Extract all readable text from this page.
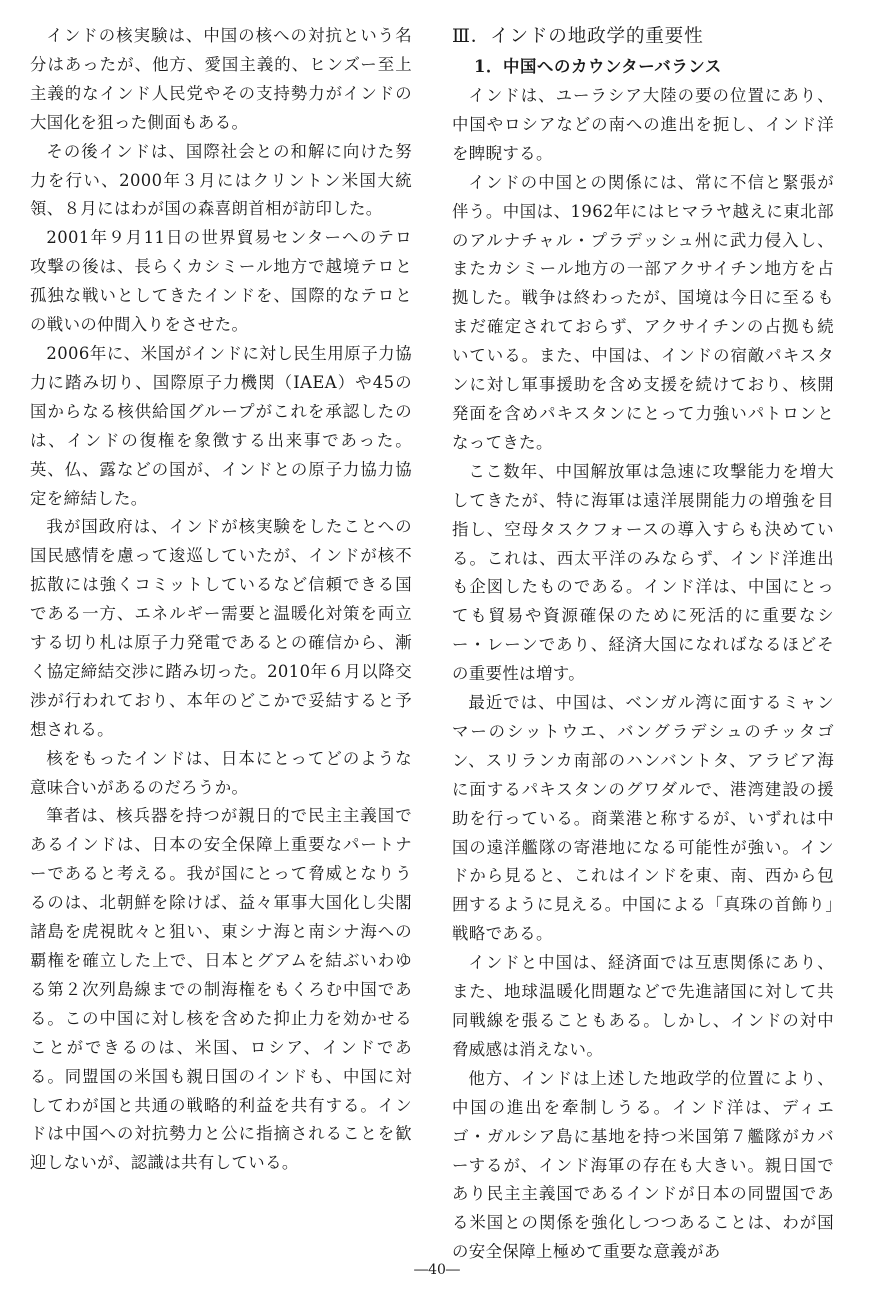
インドの核実験は、中国の核への対抗という名分はあったが、他方、愛国主義的、ヒンズー至上主義的なインド人民党やその支持勢力がインドの大国化を狙った側面もある。

その後インドは、国際社会との和解に向けた努力を行い、2000年３月にはクリントン米国大統領、８月にはわが国の森喜朗首相が訪印した。

2001年９月11日の世界貿易センターへのテロ攻撃の後は、長らくカシミール地方で越境テロと孤独な戦いとしてきたインドを、国際的なテロとの戦いの仲間入りをさせた。

2006年に、米国がインドに対し民生用原子力協力に踏み切り、国際原子力機関（IAEA）や45の国からなる核供給国グループがこれを承認したのは、インドの復権を象徴する出来事であった。英、仏、露などの国が、インドとの原子力協力協定を締結した。

我が国政府は、インドが核実験をしたことへの国民感情を慮って逡巡していたが、インドが核不拡散には強くコミットしているなど信頼できる国である一方、エネルギー需要と温暖化対策を両立する切り札は原子力発電であるとの確信から、漸く協定締結交渉に踏み切った。2010年６月以降交渉が行われており、本年のどこかで妥結すると予想される。

核をもったインドは、日本にとってどのような意味合いがあるのだろうか。

筆者は、核兵器を持つが親日的で民主主義国であるインドは、日本の安全保障上重要なパートナーであると考える。我が国にとって脅威となりうるのは、北朝鮮を除けば、益々軍事大国化し尖閣諸島を虎視眈々と狙い、東シナ海と南シナ海への覇権を確立した上で、日本とグアムを結ぶいわゆる第２次列島線までの制海権をもくろむ中国である。この中国に対し核を含めた抑止力を効かせることができるのは、米国、ロシア、インドである。同盟国の米国も親日国のインドも、中国に対してわが国と共通の戦略的利益を共有する。インドは中国への対抗勢力と公に指摘されることを歓迎しないが、認識は共有している。

Ⅲ．インドの地政学的重要性
1．中国へのカウンターバランス

インドは、ユーラシア大陸の要の位置にあり、中国やロシアなどの南への進出を扼し、インド洋を睥睨する。

インドの中国との関係には、常に不信と緊張が伴う。中国は、1962年にはヒマラヤ越えに東北部のアルナチャル・プラデッシュ州に武力侵入し、またカシミール地方の一部アクサイチン地方を占拠した。戦争は終わったが、国境は今日に至るもまだ確定されておらず、アクサイチンの占拠も続いている。また、中国は、インドの宿敵パキスタンに対し軍事援助を含め支援を続けており、核開発面を含めパキスタンにとって力強いパトロンとなってきた。

ここ数年、中国解放軍は急速に攻撃能力を増大してきたが、特に海軍は遠洋展開能力の増強を目指し、空母タスクフォースの導入すらも決めている。これは、西太平洋のみならず、インド洋進出も企図したものである。インド洋は、中国にとっても貿易や資源確保のために死活的に重要なシー・レーンであり、経済大国になればなるほどその重要性は増す。

最近では、中国は、ベンガル湾に面するミャンマーのシットウエ、バングラデシュのチッタゴン、スリランカ南部のハンバントタ、アラビア海に面するパキスタンのグワダルで、港湾建設の援助を行っている。商業港と称するが、いずれは中国の遠洋艦隊の寄港地になる可能性が強い。インドから見ると、これはインドを東、南、西から包囲するように見える。中国による「真珠の首飾り」戦略である。

インドと中国は、経済面では互恵関係にあり、また、地球温暖化問題などで先進諸国に対して共同戦線を張ることもある。しかし、インドの対中脅威感は消えない。

他方、インドは上述した地政学的位置により、中国の進出を牽制しうる。インド洋は、ディエゴ・ガルシア島に基地を持つ米国第７艦隊がカバーするが、インド海軍の存在も大きい。親日国であり民主主義国であるインドが日本の同盟国である米国との関係を強化しつつあることは、わが国の安全保障上極めて重要な意義があ

―40―
